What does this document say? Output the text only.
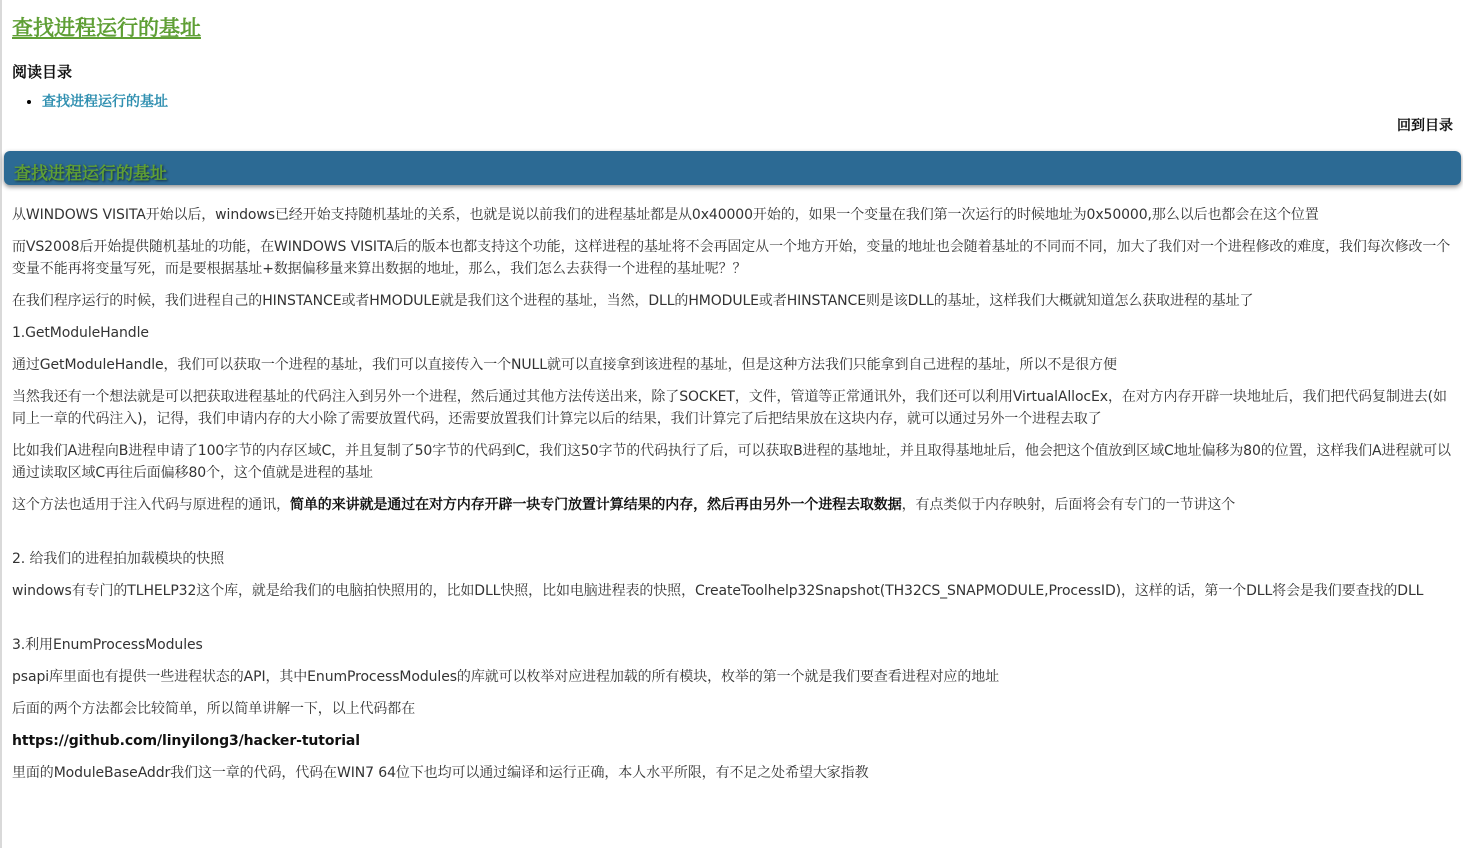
查找进程运行的基址
阅读目录
• 查找进程运行的基址
回到目录
查找进程运行的基址

从WINDOWS VISITA开始以后，windows已经开始支持随机基址的关系，也就是说以前我们的进程基址都是从0x40000开始的，如果一个变量在我们第一次运行的时候地址为0x50000,那么以后也都会在这个位置

而VS2008后开始提供随机基址的功能，在WINDOWS VISITA后的版本也都支持这个功能，这样进程的基址将不会再固定从一个地方开始，变量的地址也会随着基址的不同而不同，加大了我们对一个进程修改的难度，我们每次修改一个变量不能再将变量写死，而是要根据基址+数据偏移量来算出数据的地址，那么，我们怎么去获得一个进程的基址呢？？

在我们程序运行的时候，我们进程自己的HINSTANCE或者HMODULE就是我们这个进程的基址，当然，DLL的HMODULE或者HINSTANCE则是该DLL的基址，这样我们大概就知道怎么获取进程的基址了

1.GetModuleHandle

通过GetModuleHandle，我们可以获取一个进程的基址，我们可以直接传入一个NULL就可以直接拿到该进程的基址，但是这种方法我们只能拿到自己进程的基址，所以不是很方便

当然我还有一个想法就是可以把获取进程基址的代码注入到另外一个进程，然后通过其他方法传送出来，除了SOCKET，文件，管道等正常通讯外，我们还可以利用VirtualAllocEx，在对方内存开辟一块地址后，我们把代码复制进去(如同上一章的代码注入)，记得，我们申请内存的大小除了需要放置代码，还需要放置我们计算完以后的结果，我们计算完了后把结果放在这块内存，就可以通过另外一个进程去取了

比如我们A进程向B进程申请了100字节的内存区域C，并且复制了50字节的代码到C，我们这50字节的代码执行了后，可以获取B进程的基地址，并且取得基地址后，他会把这个值放到区域C地址偏移为80的位置，这样我们A进程就可以通过读取区域C再往后面偏移80个，这个值就是进程的基址

这个方法也适用于注入代码与原进程的通讯，简单的来讲就是通过在对方内存开辟一块专门放置计算结果的内存，然后再由另外一个进程去取数据，有点类似于内存映射，后面将会有专门的一节讲这个

2. 给我们的进程拍加载模块的快照

windows有专门的TLHELP32这个库，就是给我们的电脑拍快照用的，比如DLL快照，比如电脑进程表的快照，CreateToolhelp32Snapshot(TH32CS_SNAPMODULE,ProcessID)，这样的话，第一个DLL将会是我们要查找的DLL

3.利用EnumProcessModules

psapi库里面也有提供一些进程状态的API，其中EnumProcessModules的库就可以枚举对应进程加载的所有模块，枚举的第一个就是我们要查看进程对应的地址

后面的两个方法都会比较简单，所以简单讲解一下，以上代码都在

https://github.com/linyilong3/hacker-tutorial

里面的ModuleBaseAddr我们这一章的代码，代码在WIN7 64位下也均可以通过编译和运行正确，本人水平所限，有不足之处希望大家指教
